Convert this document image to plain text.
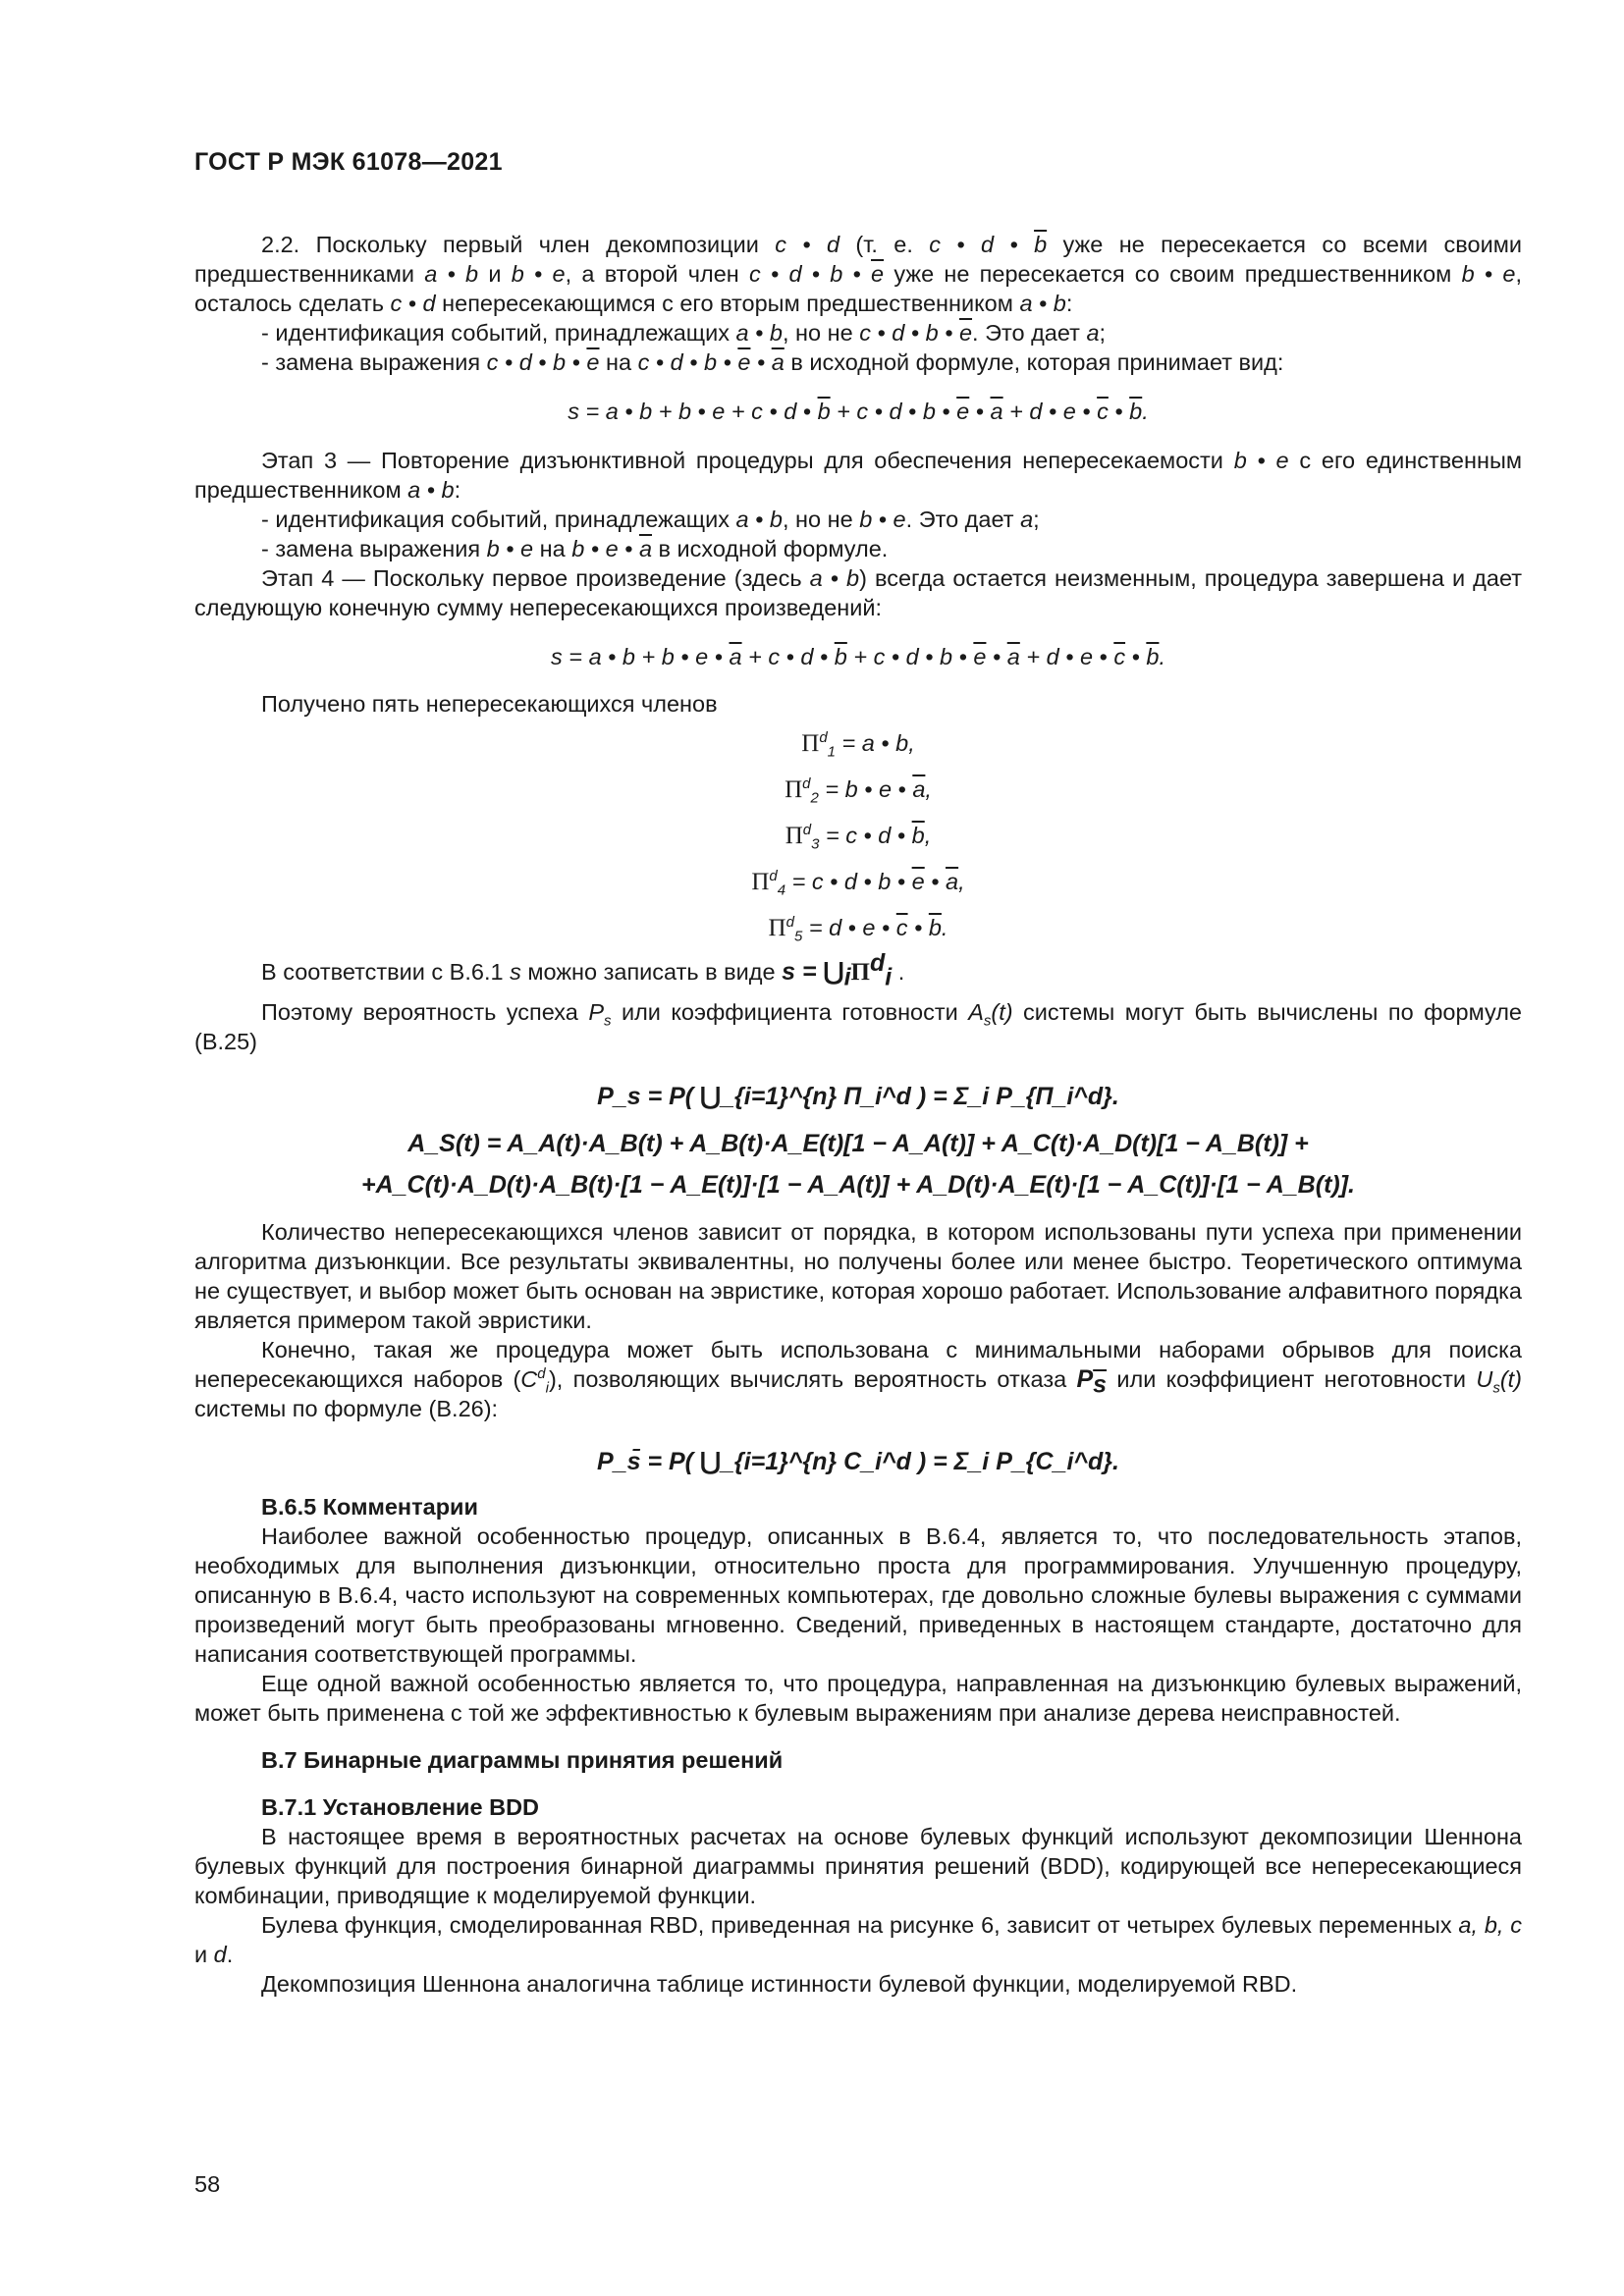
ГОСТ Р МЭК 61078—2021

2.2. Поскольку первый член декомпозиции c • d (т. е. c • d • $\overline{b}$ уже не пересекается со всеми своими предшественниками a • b и b • e, а второй член c • d • b • $\overline{e}$ уже не пересекается со своим предшественником b • e, осталось сделать c • d непересекающимся с его вторым предшественником a • b:

- идентификация событий, принадлежащих a • b, но не c • d • b • $\overline{e}$. Это дает a;

- замена выражения c • d • b • $\overline{e}$ на c • d • b • $\overline{e}$ • $\overline{a}$ в исходной формуле, которая принимает вид:

s = a • b + b • e + c • d • $\overline{b} + c$ • d • b • $\overline{e}$ • $\overline{a} + d$ • e • $\overline{c}$ • $\overline{b}$.

Этап 3 — Повторение дизъюнктивной процедуры для обеспечения непересекаемости b • e с его единственным предшественником a • b:

- идентификация событий, принадлежащих a • b, но не b • e. Это дает a;

- замена выражения b • e на b • e • $\overline{a}$ в исходной формуле.

Этап 4 — Поскольку первое произведение (здесь a • b) всегда остается неизменным, процедура завершена и дает следующую конечную сумму непересекающихся произведений:

s = a • b + b • e • $\overline{a} + c$ • d • $\overline{b} + c$ • d • b • $\overline{e}$ • $\overline{a} + d$ • e • $\overline{c}$ • $\overline{b}$.

Получено пять непересекающихся членов

$\Pi^d_1 = a$ • b,
$\Pi^d_2 = b$ • e • $\overline{a}$,
$\Pi^d_3 = c$ • d • $\overline{b}$,
$\Pi^d_4 = c$ • d • b • $\overline{e}$ • $\overline{a}$,
$\Pi^d_5 = d$ • e • $\overline{c}$ • $\overline{b}$.

В соответствии с В.6.1 s можно записать в виде $s = ⋃_i\Pi^d_i$ .

Поэтому вероятность успеха $P_s$ или коэффициента готовности $A_s(t)$ системы могут быть вычислены по формуле (В.25)

P_s = P( ⋃_{i=1}^{n} Π_i^d ) = Σ_i P_{Π_i^d}.
A_S(t) = A_A(t)·A_B(t) + A_B(t)·A_E(t)[1 − A_A(t)] + A_C(t)·A_D(t)[1 − A_B(t)] +
+A_C(t)·A_D(t)·A_B(t)·[1 − A_E(t)]·[1 − A_A(t)] + A_D(t)·A_E(t)·[1 − A_C(t)]·[1 − A_B(t)].

Количество непересекающихся членов зависит от порядка, в котором использованы пути успеха при применении алгоритма дизъюнкции. Все результаты эквивалентны, но получены более или менее быстро. Теоретического оптимума не существует, и выбор может быть основан на эвристике, которая хорошо работает. Использование алфавитного порядка является примером такой эвристики.

Конечно, такая же процедура может быть использована с минимальными наборами обрывов для поиска непересекающихся наборов $(C^d_i)$, позволяющих вычислять вероятность отказа $P_{\overline{s}}$ или коэффициент неготовности $U_s(t)$ системы по формуле (В.26):

P_s̄ = P( ⋃_{i=1}^{n} C_i^d ) = Σ_i P_{C_i^d}.
В.6.5 Комментарии

Наиболее важной особенностью процедур, описанных в В.6.4, является то, что последовательность этапов, необходимых для выполнения дизъюнкции, относительно проста для программирования. Улучшенную процедуру, описанную в В.6.4, часто используют на современных компьютерах, где довольно сложные булевы выражения с суммами произведений могут быть преобразованы мгновенно. Сведений, приведенных в настоящем стандарте, достаточно для написания соответствующей программы.

Еще одной важной особенностью является то, что процедура, направленная на дизъюнкцию булевых выражений, может быть применена с той же эффективностью к булевым выражениям при анализе дерева неисправностей.

В.7 Бинарные диаграммы принятия решений
В.7.1 Установление BDD

В настоящее время в вероятностных расчетах на основе булевых функций используют декомпозиции Шеннона булевых функций для построения бинарной диаграммы принятия решений (BDD), кодирующей все непересекающиеся комбинации, приводящие к моделируемой функции.

Булева функция, смоделированная RBD, приведенная на рисунке 6, зависит от четырех булевых переменных a, b, c и d.

Декомпозиция Шеннона аналогична таблице истинности булевой функции, моделируемой RBD.

58
